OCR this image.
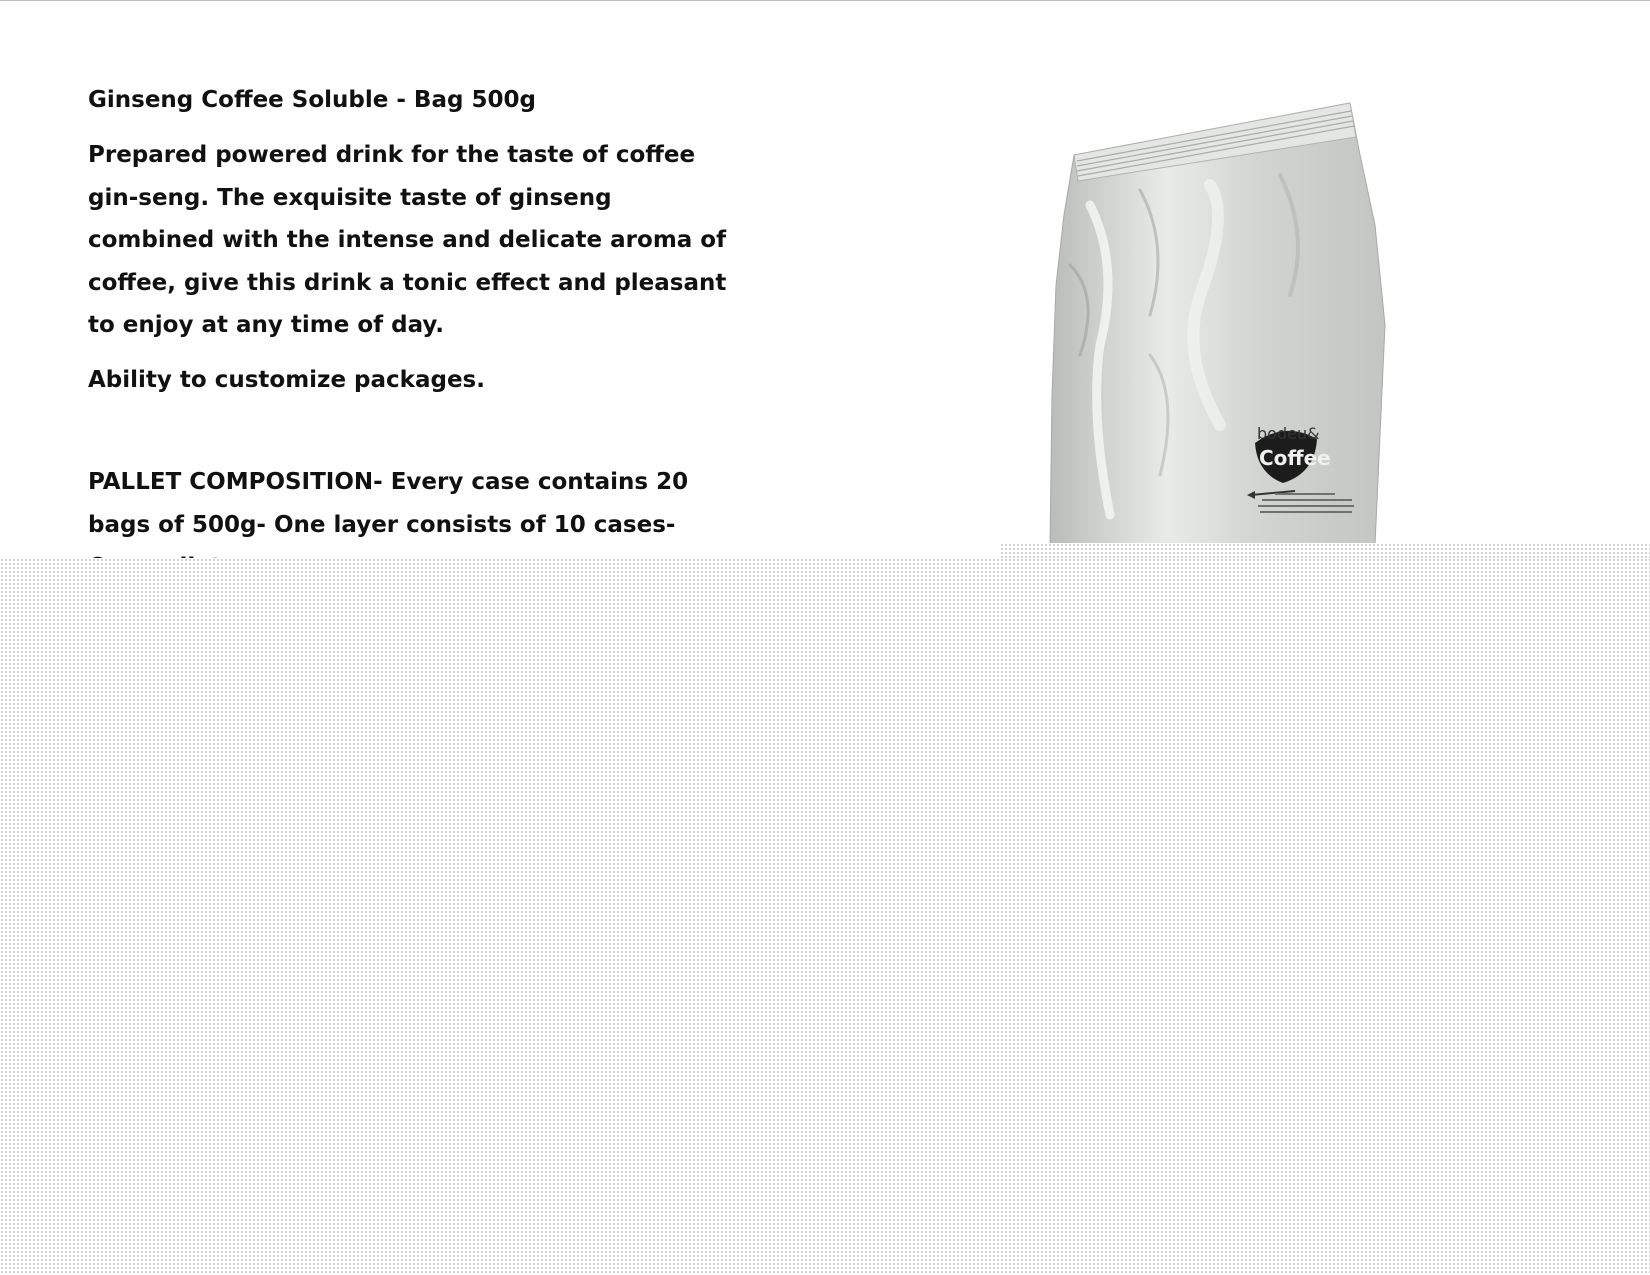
Ginseng Coffee Soluble - Bag 500g
Prepared powered drink for the taste of coffee gin-seng. The exquisite taste of ginseng combined with the intense and delicate aroma of coffee, give this drink a tonic effect and pleasant to enjoy at any time of day.
Ability to customize packages.
PALLET COMPOSITION- Every case contains 20 bags of 500g- One layer consists of 10 cases-
bodeu&
Coffee
